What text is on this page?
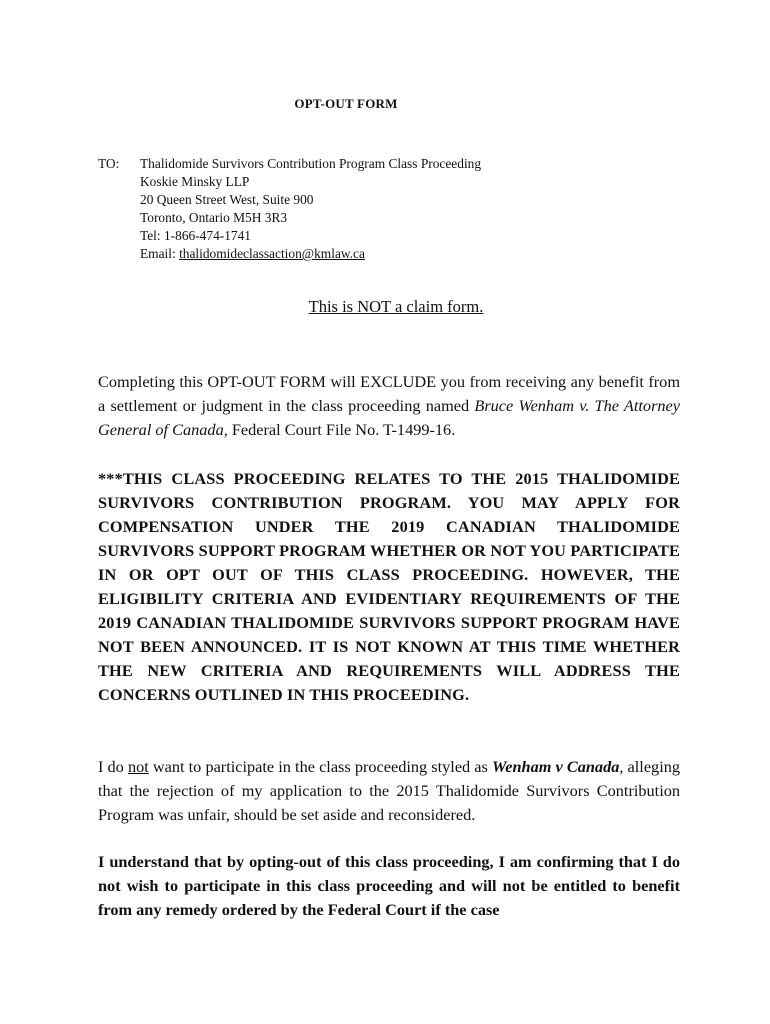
OPT-OUT FORM
TO: Thalidomide Survivors Contribution Program Class Proceeding
Koskie Minsky LLP
20 Queen Street West, Suite 900
Toronto, Ontario M5H 3R3
Tel: 1-866-474-1741
Email: thalidomideclassaction@kmlaw.ca
This is NOT a claim form.
Completing this OPT-OUT FORM will EXCLUDE you from receiving any benefit from a settlement or judgment in the class proceeding named Bruce Wenham v. The Attorney General of Canada, Federal Court File No. T-1499-16.
***THIS CLASS PROCEEDING RELATES TO THE 2015 THALIDOMIDE SURVIVORS CONTRIBUTION PROGRAM. YOU MAY APPLY FOR COMPENSATION UNDER THE 2019 CANADIAN THALIDOMIDE SURVIVORS SUPPORT PROGRAM WHETHER OR NOT YOU PARTICIPATE IN OR OPT OUT OF THIS CLASS PROCEEDING. HOWEVER, THE ELIGIBILITY CRITERIA AND EVIDENTIARY REQUIREMENTS OF THE 2019 CANADIAN THALIDOMIDE SURVIVORS SUPPORT PROGRAM HAVE NOT BEEN ANNOUNCED. IT IS NOT KNOWN AT THIS TIME WHETHER THE NEW CRITERIA AND REQUIREMENTS WILL ADDRESS THE CONCERNS OUTLINED IN THIS PROCEEDING.
I do not want to participate in the class proceeding styled as Wenham v Canada, alleging that the rejection of my application to the 2015 Thalidomide Survivors Contribution Program was unfair, should be set aside and reconsidered.
I understand that by opting-out of this class proceeding, I am confirming that I do not wish to participate in this class proceeding and will not be entitled to benefit from any remedy ordered by the Federal Court if the case
